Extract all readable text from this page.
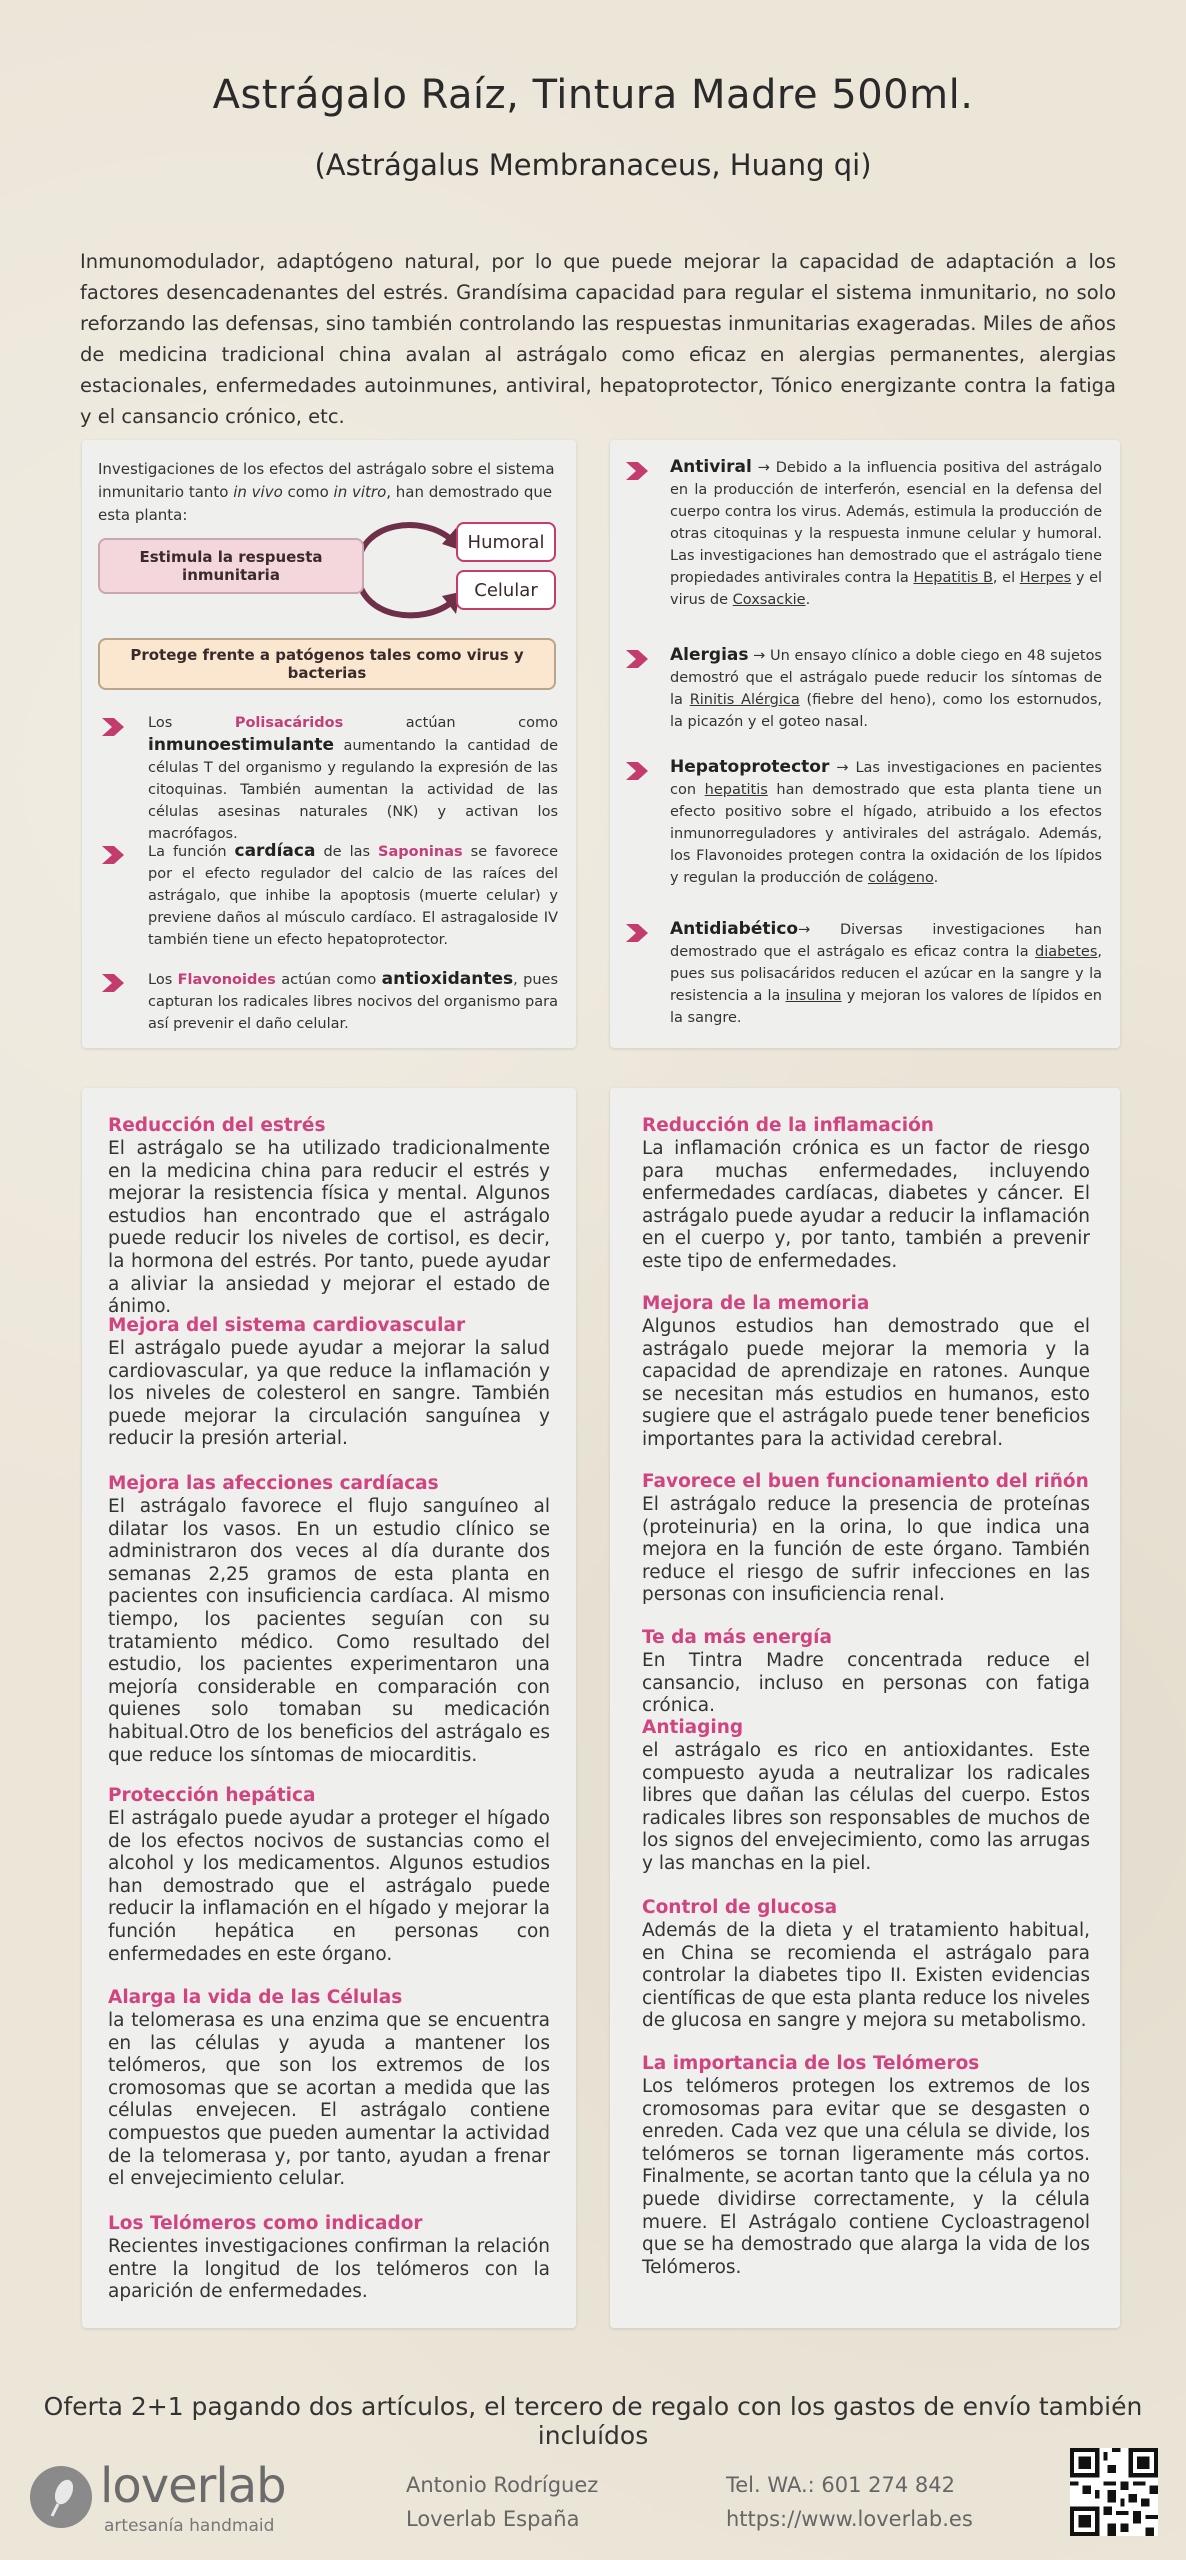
Astrágalo Raíz, Tintura Madre 500ml.
(Astrágalus Membranaceus, Huang qi)
Inmunomodulador, adaptógeno natural, por lo que puede mejorar la capacidad de adaptación a los factores desencadenantes del estrés. Grandísima capacidad para regular el sistema inmunitario, no solo reforzando las defensas, sino también controlando las respuestas inmunitarias exageradas. Miles de años de medicina tradicional china avalan al astrágalo como eficaz en alergias permanentes, alergias estacionales, enfermedades autoinmunes, antiviral, hepatoprotector, Tónico energizante contra la fatiga y el cansancio crónico, etc.
Investigaciones de los efectos del astrágalo sobre el sistema inmunitario tanto in vivo como in vitro, han demostrado que esta planta:
Estimula la respuesta inmunitaria
Humoral
Celular
Protege frente a patógenos tales como virus y bacterias
Los Polisacáridos actúan como inmunoestimulante aumentando la cantidad de células T del organismo y regulando la expresión de las citoquinas. También aumentan la actividad de las células asesinas naturales (NK) y activan los macrófagos.
La función cardíaca de las Saponinas se favorece por el efecto regulador del calcio de las raíces del astrágalo, que inhibe la apoptosis (muerte celular) y previene daños al músculo cardíaco. El astragaloside IV también tiene un efecto hepatoprotector.
Los Flavonoides actúan como antioxidantes, pues capturan los radicales libres nocivos del organismo para así prevenir el daño celular.
Antiviral → Debido a la influencia positiva del astrágalo en la producción de interferón, esencial en la defensa del cuerpo contra los virus. Además, estimula la producción de otras citoquinas y la respuesta inmune celular y humoral. Las investigaciones han demostrado que el astrágalo tiene propiedades antivirales contra la Hepatitis B, el Herpes y el virus de Coxsackie.
Alergias → Un ensayo clínico a doble ciego en 48 sujetos demostró que el astrágalo puede reducir los síntomas de la Rinitis Alérgica (fiebre del heno), como los estornudos, la picazón y el goteo nasal.
Hepatoprotector → Las investigaciones en pacientes con hepatitis han demostrado que esta planta tiene un efecto positivo sobre el hígado, atribuido a los efectos inmunorreguladores y antivirales del astrágalo. Además, los Flavonoides protegen contra la oxidación de los lípidos y regulan la producción de colágeno.
Antidiabético→ Diversas investigaciones han demostrado que el astrágalo es eficaz contra la diabetes, pues sus polisacáridos reducen el azúcar en la sangre y la resistencia a la insulina y mejoran los valores de lípidos en la sangre.

Reducción del estrés

El astrágalo se ha utilizado tradicionalmente en la medicina china para reducir el estrés y mejorar la resistencia física y mental. Algunos estudios han encontrado que el astrágalo puede reducir los niveles de cortisol, es decir, la hormona del estrés. Por tanto, puede ayudar a aliviar la ansiedad y mejorar el estado de ánimo.

Mejora del sistema cardiovascular

El astrágalo puede ayudar a mejorar la salud cardiovascular, ya que reduce la inflamación y los niveles de colesterol en sangre. También puede mejorar la circulación sanguínea y reducir la presión arterial.

Mejora las afecciones cardíacas

El astrágalo favorece el flujo sanguíneo al dilatar los vasos. En un estudio clínico se administraron dos veces al día durante dos semanas 2,25 gramos de esta planta en pacientes con insuficiencia cardíaca. Al mismo tiempo, los pacientes seguían con su tratamiento médico. Como resultado del estudio, los pacientes experimentaron una mejoría considerable en comparación con quienes solo tomaban su medicación habitual.Otro de los beneficios del astrágalo es que reduce los síntomas de miocarditis.

Protección hepática

El astrágalo puede ayudar a proteger el hígado de los efectos nocivos de sustancias como el alcohol y los medicamentos. Algunos estudios han demostrado que el astrágalo puede reducir la inflamación en el hígado y mejorar la función hepática en personas con enfermedades en este órgano.

Alarga la vida de las Células

la telomerasa es una enzima que se encuentra en las células y ayuda a mantener los telómeros, que son los extremos de los cromosomas que se acortan a medida que las células envejecen. El astrágalo contiene compuestos que pueden aumentar la actividad de la telomerasa y, por tanto, ayudan a frenar el envejecimiento celular.

Los Telómeros como indicador

Recientes investigaciones confirman la relación entre la longitud de los telómeros con la aparición de enfermedades.

Reducción de la inflamación

La inflamación crónica es un factor de riesgo para muchas enfermedades, incluyendo enfermedades cardíacas, diabetes y cáncer. El astrágalo puede ayudar a reducir la inflamación en el cuerpo y, por tanto, también a prevenir este tipo de enfermedades.

Mejora de la memoria

Algunos estudios han demostrado que el astrágalo puede mejorar la memoria y la capacidad de aprendizaje en ratones. Aunque se necesitan más estudios en humanos, esto sugiere que el astrágalo puede tener beneficios importantes para la actividad cerebral.

Favorece el buen funcionamiento del riñón

El astrágalo reduce la presencia de proteínas (proteinuria) en la orina, lo que indica una mejora en la función de este órgano. También reduce el riesgo de sufrir infecciones en las personas con insuficiencia renal.

Te da más energía

En Tintra Madre concentrada reduce el cansancio, incluso en personas con fatiga crónica.

Antiaging

el astrágalo es rico en antioxidantes. Este compuesto ayuda a neutralizar los radicales libres que dañan las células del cuerpo. Estos radicales libres son responsables de muchos de los signos del envejecimiento, como las arrugas y las manchas en la piel.

Control de glucosa

Además de la dieta y el tratamiento habitual, en China se recomienda el astrágalo para controlar la diabetes tipo II. Existen evidencias científicas de que esta planta reduce los niveles de glucosa en sangre y mejora su metabolismo.

La importancia de los Telómeros

Los telómeros protegen los extremos de los cromosomas para evitar que se desgasten o enreden. Cada vez que una célula se divide, los telómeros se tornan ligeramente más cortos. Finalmente, se acortan tanto que la célula ya no puede dividirse correctamente, y la célula muere. El Astrágalo contiene Cycloastragenol que se ha demostrado que alarga la vida de los Telómeros.

Oferta 2+1 pagando dos artículos, el tercero de regalo con los gastos de envío también incluídos
loverlab
artesanía handmaid
Antonio Rodríguez
Loverlab España
Tel. WA.: 601 274 842
https://www.loverlab.es
